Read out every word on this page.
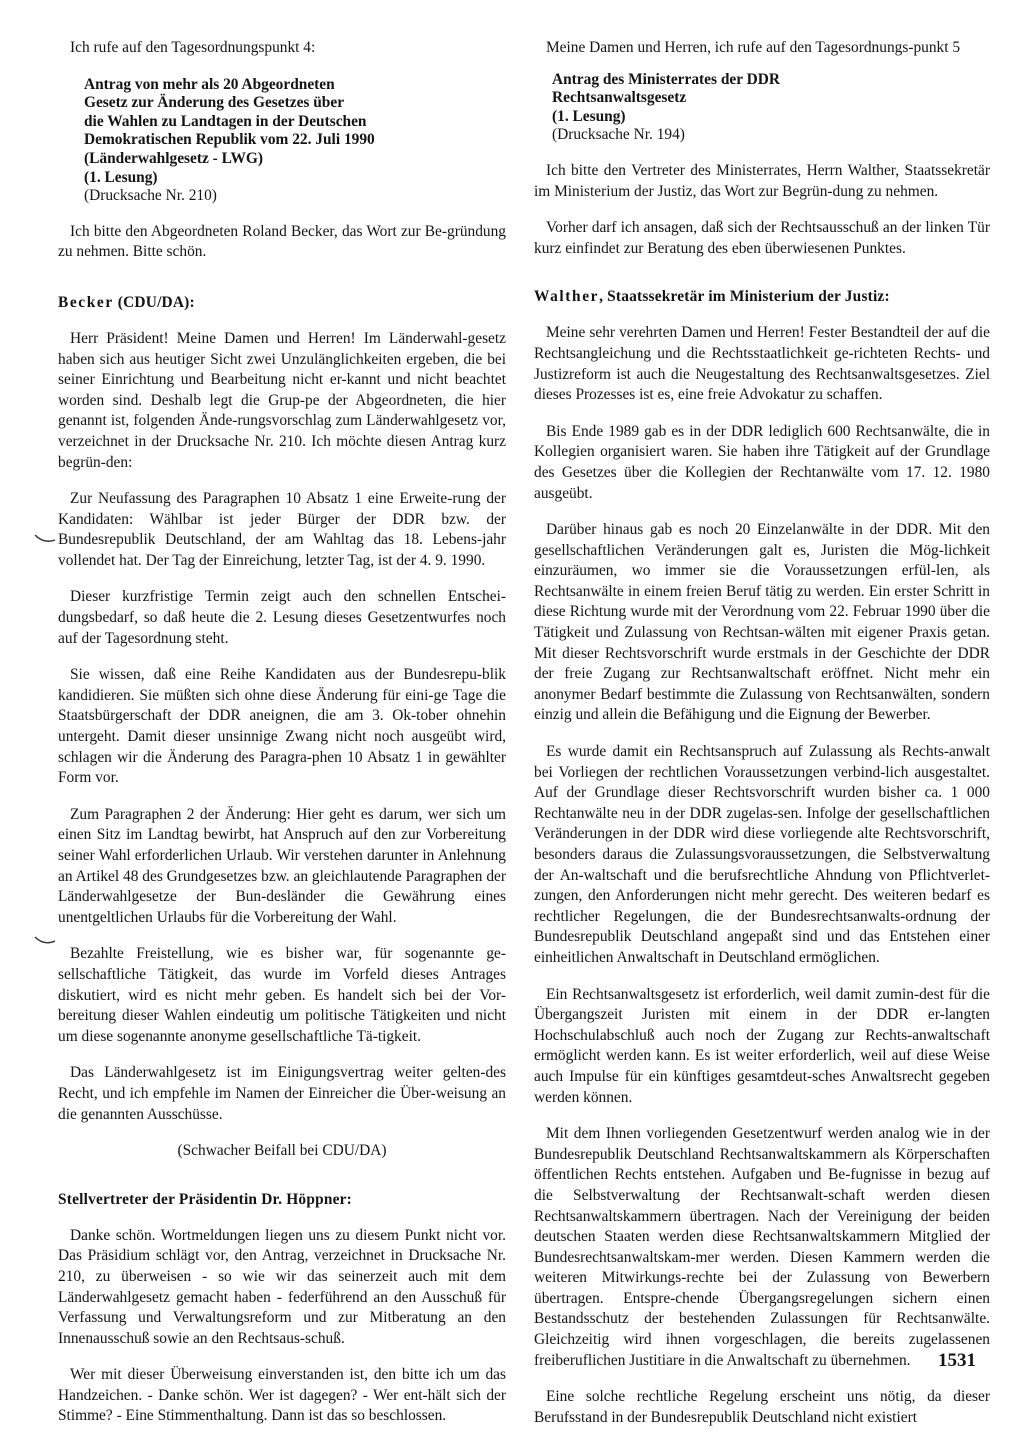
Ich rufe auf den Tagesordnungspunkt 4:

Antrag von mehr als 20 Abgeordneten
Gesetz zur Änderung des Gesetzes über
die Wahlen zu Landtagen in der Deutschen
Demokratischen Republik vom 22. Juli 1990
(Länderwahlgesetz - LWG)
(1. Lesung)
(Drucksache Nr. 210)

Ich bitte den Abgeordneten Roland Becker, das Wort zur Be-gründung zu nehmen. Bitte schön.

Becker (CDU/DA):

Herr Präsident! Meine Damen und Herren! Im Länderwahl-gesetz haben sich aus heutiger Sicht zwei Unzulänglichkeiten ergeben, die bei seiner Einrichtung und Bearbeitung nicht er-kannt und nicht beachtet worden sind. Deshalb legt die Grup-pe der Abgeordneten, die hier genannt ist, folgenden Ände-rungsvorschlag zum Länderwahlgesetz vor, verzeichnet in der Drucksache Nr. 210. Ich möchte diesen Antrag kurz begrün-den:

Zur Neufassung des Paragraphen 10 Absatz 1 eine Erweite-rung der Kandidaten: Wählbar ist jeder Bürger der DDR bzw. der Bundesrepublik Deutschland, der am Wahltag das 18. Lebens-jahr vollendet hat. Der Tag der Einreichung, letzter Tag, ist der 4. 9. 1990.

Dieser kurzfristige Termin zeigt auch den schnellen Entschei-dungsbedarf, so daß heute die 2. Lesung dieses Gesetzentwurfes noch auf der Tagesordnung steht.

Sie wissen, daß eine Reihe Kandidaten aus der Bundesrepu-blik kandidieren. Sie müßten sich ohne diese Änderung für eini-ge Tage die Staatsbürgerschaft der DDR aneignen, die am 3. Ok-tober ohnehin untergeht. Damit dieser unsinnige Zwang nicht noch ausgeübt wird, schlagen wir die Änderung des Paragra-phen 10 Absatz 1 in gewählter Form vor.

Zum Paragraphen 2 der Änderung: Hier geht es darum, wer sich um einen Sitz im Landtag bewirbt, hat Anspruch auf den zur Vorbereitung seiner Wahl erforderlichen Urlaub. Wir verstehen darunter in Anlehnung an Artikel 48 des Grundgesetzes bzw. an gleichlautende Paragraphen der Länderwahlgesetze der Bun-desländer die Gewährung eines unentgeltlichen Urlaubs für die Vorbereitung der Wahl.

Bezahlte Freistellung, wie es bisher war, für sogenannte ge-sellschaftliche Tätigkeit, das wurde im Vorfeld dieses Antrages diskutiert, wird es nicht mehr geben. Es handelt sich bei der Vor-bereitung dieser Wahlen eindeutig um politische Tätigkeiten und nicht um diese sogenannte anonyme gesellschaftliche Tä-tigkeit.

Das Länderwahlgesetz ist im Einigungsvertrag weiter gelten-des Recht, und ich empfehle im Namen der Einreicher die Über-weisung an die genannten Ausschüsse.

(Schwacher Beifall bei CDU/DA)

Stellvertreter der Präsidentin Dr. Höppner:

Danke schön. Wortmeldungen liegen uns zu diesem Punkt nicht vor. Das Präsidium schlägt vor, den Antrag, verzeichnet in Drucksache Nr. 210, zu überweisen - so wie wir das seinerzeit auch mit dem Länderwahlgesetz gemacht haben - federführend an den Ausschuß für Verfassung und Verwaltungsreform und zur Mitberatung an den Innenausschuß sowie an den Rechtsaus-schuß.

Wer mit dieser Überweisung einverstanden ist, den bitte ich um das Handzeichen. - Danke schön. Wer ist dagegen? - Wer ent-hält sich der Stimme? - Eine Stimmenthaltung. Dann ist das so beschlossen.

Meine Damen und Herren, ich rufe auf den Tagesordnungs-punkt 5

Antrag des Ministerrates der DDR
Rechtsanwaltsgesetz
(1. Lesung)
(Drucksache Nr. 194)

Ich bitte den Vertreter des Ministerrates, Herrn Walther, Staatssekretär im Ministerium der Justiz, das Wort zur Begrün-dung zu nehmen.

Vorher darf ich ansagen, daß sich der Rechtsausschuß an der linken Tür kurz einfindet zur Beratung des eben überwiesenen Punktes.

Walther, Staatssekretär im Ministerium der Justiz:

Meine sehr verehrten Damen und Herren! Fester Bestandteil der auf die Rechtsangleichung und die Rechtsstaatlichkeit ge-richteten Rechts- und Justizreform ist auch die Neugestaltung des Rechtsanwaltsgesetzes. Ziel dieses Prozesses ist es, eine freie Advokatur zu schaffen.

Bis Ende 1989 gab es in der DDR lediglich 600 Rechtsanwälte, die in Kollegien organisiert waren. Sie haben ihre Tätigkeit auf der Grundlage des Gesetzes über die Kollegien der Rechtanwälte vom 17. 12. 1980 ausgeübt.

Darüber hinaus gab es noch 20 Einzelanwälte in der DDR. Mit den gesellschaftlichen Veränderungen galt es, Juristen die Mög-lichkeit einzuräumen, wo immer sie die Voraussetzungen erfül-len, als Rechtsanwälte in einem freien Beruf tätig zu werden. Ein erster Schritt in diese Richtung wurde mit der Verordnung vom 22. Februar 1990 über die Tätigkeit und Zulassung von Rechtsan-wälten mit eigener Praxis getan. Mit dieser Rechtsvorschrift wurde erstmals in der Geschichte der DDR der freie Zugang zur Rechtsanwaltschaft eröffnet. Nicht mehr ein anonymer Bedarf bestimmte die Zulassung von Rechtsanwälten, sondern einzig und allein die Befähigung und die Eignung der Bewerber.

Es wurde damit ein Rechtsanspruch auf Zulassung als Rechts-anwalt bei Vorliegen der rechtlichen Voraussetzungen verbind-lich ausgestaltet. Auf der Grundlage dieser Rechtsvorschrift wurden bisher ca. 1 000 Rechtanwälte neu in der DDR zugelas-sen. Infolge der gesellschaftlichen Veränderungen in der DDR wird diese vorliegende alte Rechtsvorschrift, besonders daraus die Zulassungsvoraussetzungen, die Selbstverwaltung der An-waltschaft und die berufsrechtliche Ahndung von Pflichtverlet-zungen, den Anforderungen nicht mehr gerecht. Des weiteren bedarf es rechtlicher Regelungen, die der Bundesrechtsanwalts-ordnung der Bundesrepublik Deutschland angepaßt sind und das Entstehen einer einheitlichen Anwaltschaft in Deutschland ermöglichen.

Ein Rechtsanwaltsgesetz ist erforderlich, weil damit zumin-dest für die Übergangszeit Juristen mit einem in der DDR er-langten Hochschulabschluß auch noch der Zugang zur Rechts-anwaltschaft ermöglicht werden kann. Es ist weiter erforderlich, weil auf diese Weise auch Impulse für ein künftiges gesamtdeut-sches Anwaltsrecht gegeben werden können.

Mit dem Ihnen vorliegenden Gesetzentwurf werden analog wie in der Bundesrepublik Deutschland Rechtsanwaltskammern als Körperschaften öffentlichen Rechts entstehen. Aufgaben und Be-fugnisse in bezug auf die Selbstverwaltung der Rechtsanwalt-schaft werden diesen Rechtsanwaltskammern übertragen. Nach der Vereinigung der beiden deutschen Staaten werden diese Rechtsanwaltskammern Mitglied der Bundesrechtsanwaltskam-mer werden. Diesen Kammern werden die weiteren Mitwirkungs-rechte bei der Zulassung von Bewerbern übertragen. Entspre-chende Übergangsregelungen sichern einen Bestandsschutz der bestehenden Zulassungen für Rechtsanwälte. Gleichzeitig wird ihnen vorgeschlagen, die bereits zugelassenen freiberuflichen Justitiare in die Anwaltschaft zu übernehmen.

Eine solche rechtliche Regelung erscheint uns nötig, da dieser Berufsstand in der Bundesrepublik Deutschland nicht existiert

1531
